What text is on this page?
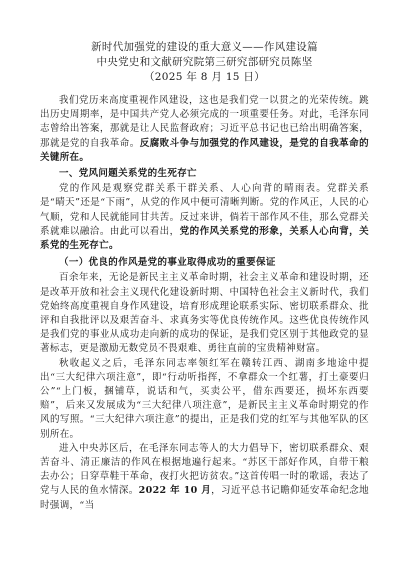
新时代加强党的建设的重大意义——作风建设篇
中央党史和文献研究院第三研究部研究员陈坚
（2025 年 8 月 15 日）

我们党历来高度重视作风建设，这也是我们党一以贯之的光荣传统。跳出历史周期率，是中国共产党人必须完成的一项重要任务。对此，毛泽东同志曾给出答案，那就是让人民监督政府；习近平总书记也已给出明确答案，那就是党的自我革命。反腐败斗争与加强党的作风建设，是党的自我革命的关键所在。

一、党风问题关系党的生死存亡

党的作风是观察党群关系干群关系、人心向背的晴雨表。党群关系是“晴天”还是“下雨”，从党的作风中便可清晰判断。党的作风正，人民的心气顺，党和人民就能同甘共苦。反过来讲，倘若干部作风不佳，那么党群关系就难以融洽。由此可以看出，党的作风关系党的形象，关系人心向背，关系党的生死存亡。

（一）优良的作风是党的事业取得成功的重要保证

百余年来，无论是新民主主义革命时期，社会主义革命和建设时期，还是改革开放和社会主义现代化建设新时期、中国特色社会主义新时代，我们党始终高度重视自身作风建设，培育形成理论联系实际、密切联系群众、批评和自我批评以及艰苦奋斗、求真务实等优良传统作风。这些优良传统作风是我们党的事业从成功走向新的成功的保证，是我们党区别于其他政党的显著标志，更是激励无数党员不畏艰难、勇往直前的宝贵精神财富。

秋收起义之后，毛泽东同志率领红军在赣转江西、湖南多地途中提出“三大纪律六项注意”，即“行动听指挥，不拿群众一个红薯，打土豪要归公”“上门板，捆铺草，说话和气，买卖公平，借东西要还，损坏东西要赔”，后来又发展成为“三大纪律八项注意”，是新民主主义革命时期党的作风的写照。“三大纪律六项注意”的提出，正是我们党的红军与其他军队的区别所在。

进入中央苏区后，在毛泽东同志等人的大力倡导下，密切联系群众、艰苦奋斗、清正廉洁的作风在根据地遍行起来。“苏区干部好作风，自带干粮去办公；日穿草鞋干革命，夜打火把访贫农。”这首传唱一时的歌谣，表达了党与人民的鱼水情深。2022 年 10 月，习近平总书记瞻仰延安革命纪念地时强调，“当
